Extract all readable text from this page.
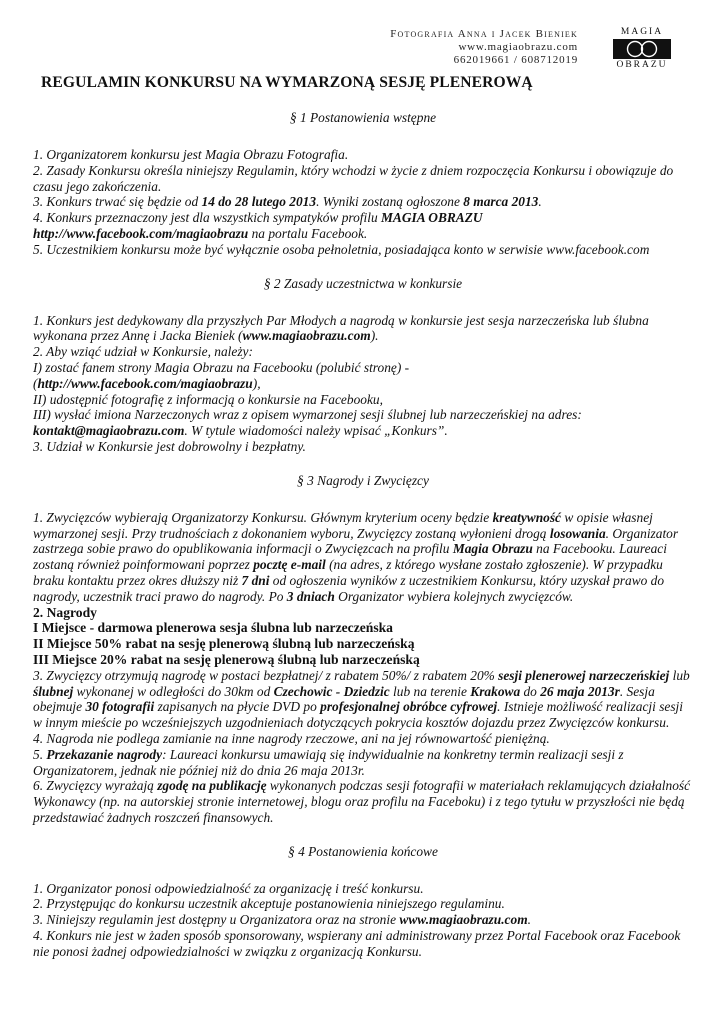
Fotografia Anna i Jacek Bieniek
www.magiaobrazu.com
662019661 / 608712019
MAGIA
OBRAZU
REGULAMIN KONKURSU NA WYMARZONĄ SESJĘ PLENEROWĄ
§ 1 Postanowienia wstępne

1. Organizatorem konkursu jest Magia Obrazu Fotografia.

2. Zasady Konkursu określa niniejszy Regulamin, który wchodzi w życie z dniem rozpoczęcia Konkursu i obowiązuje do czasu jego zakończenia.

3. Konkurs trwać się będzie od 14 do 28 lutego 2013. Wyniki zostaną ogłoszone 8 marca 2013.

4. Konkurs przeznaczony jest dla wszystkich sympatyków profilu MAGIA OBRAZU
http://www.facebook.com/magiaobrazu na portalu Facebook.

5. Uczestnikiem konkursu może być wyłącznie osoba pełnoletnia, posiadająca konto w serwisie www.facebook.com

§ 2 Zasady uczestnictwa w konkursie

1. Konkurs jest dedykowany dla przyszłych Par Młodych a nagrodą w konkursie jest sesja narzeczeńska lub ślubna wykonana przez Annę i Jacka Bieniek (www.magiaobrazu.com).

2. Aby wziąć udział w Konkursie, należy:

I) zostać fanem strony Magia Obrazu na Facebooku (polubić stronę) -

(http://www.facebook.com/magiaobrazu),

II) udostępnić fotografię z informacją o konkursie na Facebooku,

III) wysłać imiona Narzeczonych wraz z opisem wymarzonej sesji ślubnej lub narzeczeńskiej na adres:

kontakt@magiaobrazu.com. W tytule wiadomości należy wpisać „Konkurs”.

3. Udział w Konkursie jest dobrowolny i bezpłatny.

§ 3 Nagrody i Zwycięzcy

1. Zwycięzców wybierają Organizatorzy Konkursu. Głównym kryterium oceny będzie kreatywność w opisie własnej wymarzonej sesji. Przy trudnościach z dokonaniem wyboru, Zwycięzcy zostaną wyłonieni drogą losowania. Organizator zastrzega sobie prawo do opublikowania informacji o Zwycięzcach na profilu Magia Obrazu na Facebooku. Laureaci zostaną również poinformowani poprzez pocztę e-mail (na adres, z którego wysłane zostało zgłoszenie). W przypadku braku kontaktu przez okres dłuższy niż 7 dni od ogłoszenia wyników z uczestnikiem Konkursu, który uzyskał prawo do nagrody, uczestnik traci prawo do nagrody. Po 3 dniach Organizator wybiera kolejnych zwycięzców.

2. Nagrody

I Miejsce - darmowa plenerowa sesja ślubna lub narzeczeńska

II Miejsce 50% rabat na sesję plenerową ślubną lub narzeczeńską

III Miejsce 20% rabat na sesję plenerową ślubną lub narzeczeńską

3. Zwycięzcy otrzymują nagrodę w postaci bezpłatnej/ z rabatem 50%/ z rabatem 20% sesji plenerowej narzeczeńskiej lub ślubnej wykonanej w odległości do 30km od Czechowic - Dziedzic lub na terenie Krakowa do 26 maja 2013r. Sesja obejmuje 30 fotografii zapisanych na płycie DVD po profesjonalnej obróbce cyfrowej. Istnieje możliwość realizacji sesji w innym mieście po wcześniejszych uzgodnieniach dotyczących pokrycia kosztów dojazdu przez Zwycięzców konkursu.

4. Nagroda nie podlega zamianie na inne nagrody rzeczowe, ani na jej równowartość pieniężną.

5. Przekazanie nagrody: Laureaci konkursu umawiają się indywidualnie na konkretny termin realizacji sesji z Organizatorem, jednak nie później niż do dnia 26 maja 2013r.

6. Zwycięzcy wyrażają zgodę na publikację wykonanych podczas sesji fotografii w materiałach reklamujących działalność Wykonawcy (np. na autorskiej stronie internetowej, blogu oraz profilu na Faceboku) i z tego tytułu w przyszłości nie będą przedstawiać żadnych roszczeń finansowych.

§ 4 Postanowienia końcowe

1. Organizator ponosi odpowiedzialność za organizację i treść konkursu.

2. Przystępując do konkursu uczestnik akceptuje postanowienia niniejszego regulaminu.

3. Niniejszy regulamin jest dostępny u Organizatora oraz na stronie www.magiaobrazu.com.

4. Konkurs nie jest w żaden sposób sponsorowany, wspierany ani administrowany przez Portal Facebook oraz Facebook nie ponosi żadnej odpowiedzialności w związku z organizacją Konkursu.
